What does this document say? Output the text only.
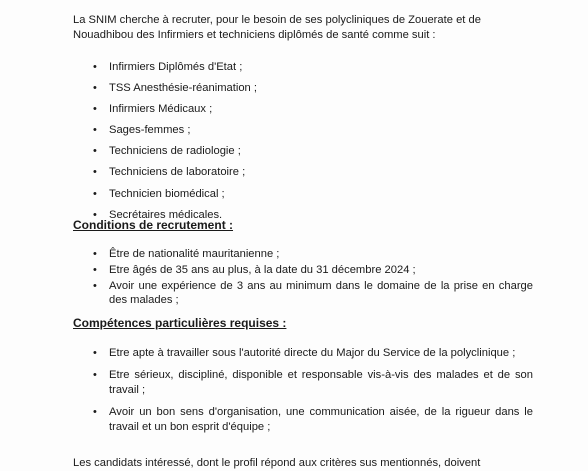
La SNIM cherche à recruter, pour le besoin de ses polycliniques de Zouerate et de Nouadhibou des Infirmiers et techniciens diplômés de santé comme suit :
• Infirmiers Diplômés d'Etat ;
• TSS Anesthésie-réanimation ;
• Infirmiers Médicaux ;
• Sages-femmes ;
• Techniciens de radiologie ;
• Techniciens de laboratoire ;
• Technicien biomédical ;
• Secrétaires médicales.
Conditions de recrutement :
• Être de nationalité mauritanienne ;
• Etre âgés de 35 ans au plus, à la date du 31 décembre 2024 ;
• Avoir une expérience de 3 ans au minimum dans le domaine de la prise en charge des malades ;
Compétences particulières requises :
• Etre apte à travailler sous l'autorité directe du Major du Service de la polyclinique ;
• Etre sérieux, discipliné, disponible et responsable vis-à-vis des malades et de son travail ;
• Avoir un bon sens d'organisation, une communication aisée, de la rigueur dans le travail et un bon esprit d'équipe ;
Les candidats intéressé, dont le profil répond aux critères sus mentionnés, doivent
